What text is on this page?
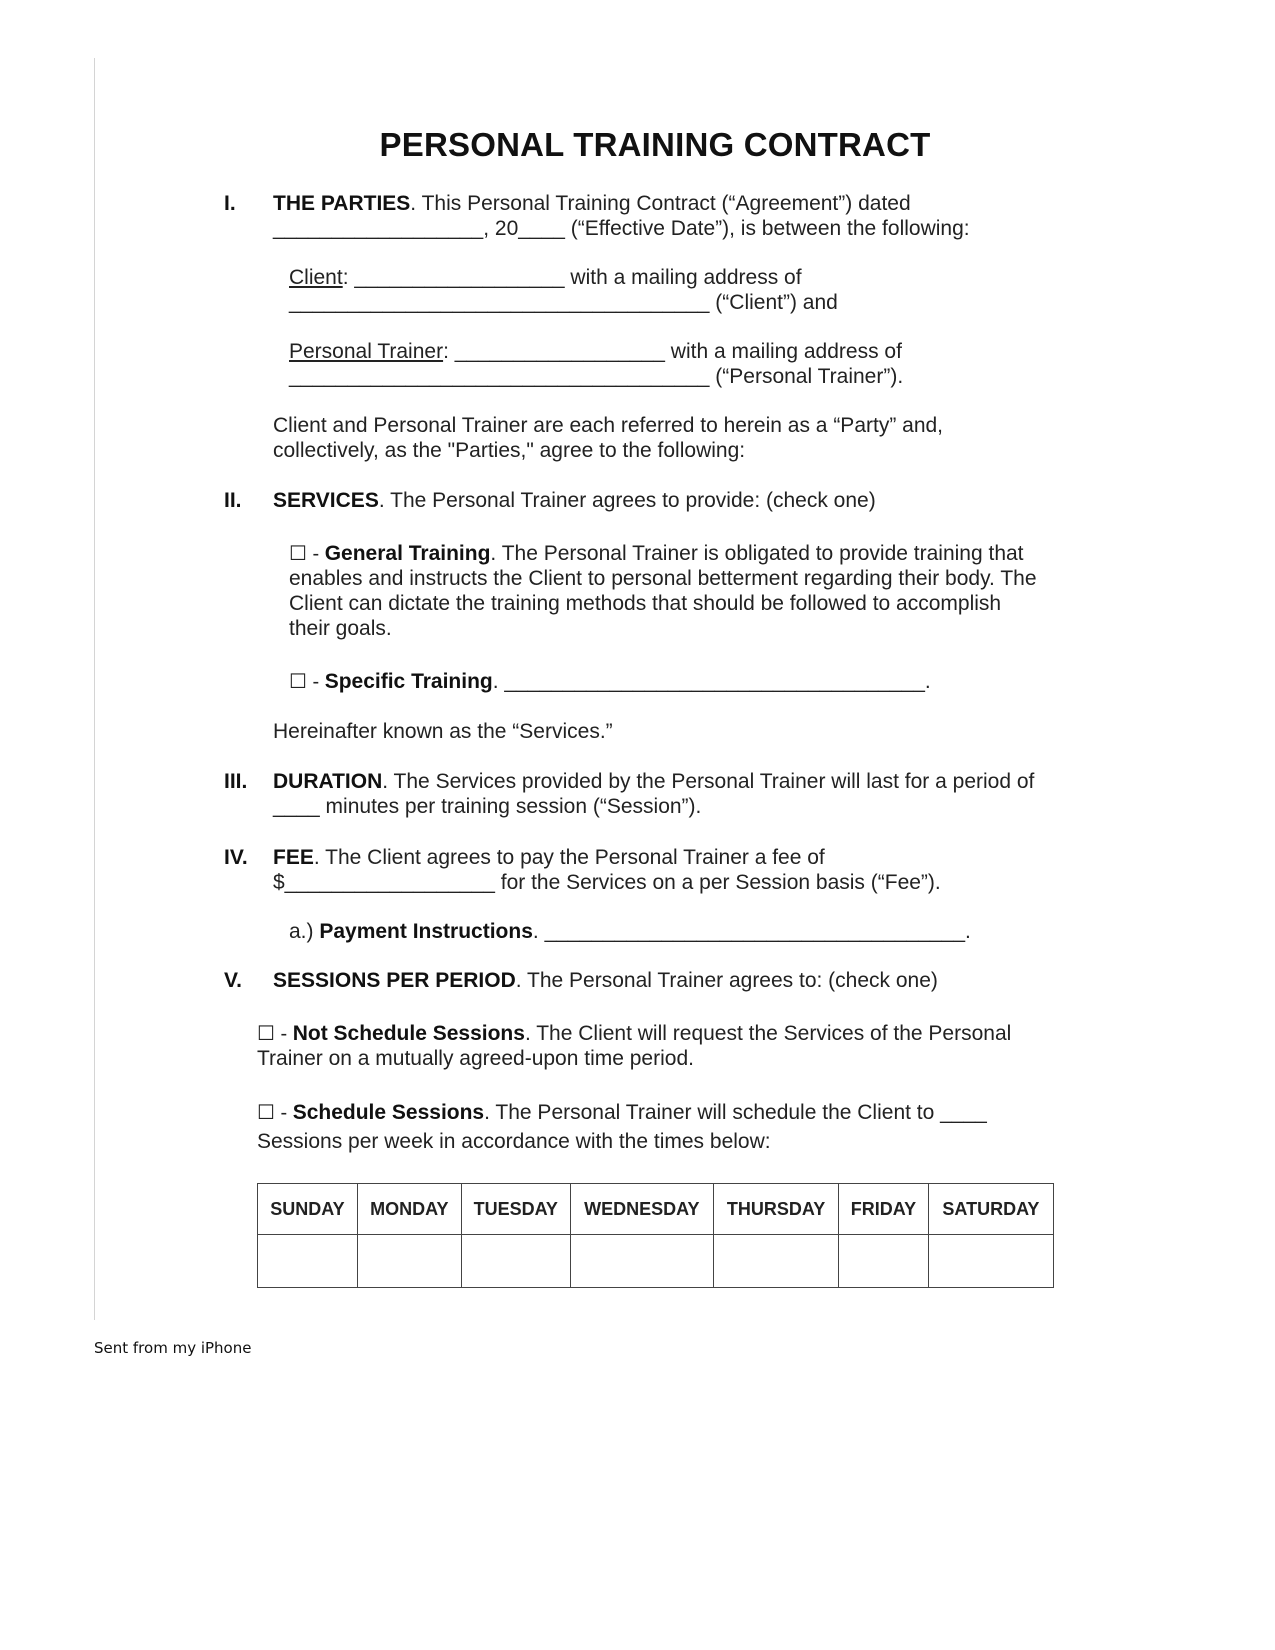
PERSONAL TRAINING CONTRACT
I. THE PARTIES. This Personal Training Contract (“Agreement”) dated
__________________, 20____ (“Effective Date”), is between the following:
Client: __________________ with a mailing address of
____________________________________ (“Client”) and
Personal Trainer: __________________ with a mailing address of
____________________________________ (“Personal Trainer”).
Client and Personal Trainer are each referred to herein as a “Party” and,
collectively, as the "Parties," agree to the following:
II. SERVICES. The Personal Trainer agrees to provide: (check one)
☐ - General Training. The Personal Trainer is obligated to provide training that
enables and instructs the Client to personal betterment regarding their body. The
Client can dictate the training methods that should be followed to accomplish
their goals.
☐ - Specific Training. ____________________________________.
Hereinafter known as the “Services.”
III. DURATION. The Services provided by the Personal Trainer will last for a period of
____ minutes per training session (“Session”).
IV. FEE. The Client agrees to pay the Personal Trainer a fee of
$__________________ for the Services on a per Session basis (“Fee”).
a.) Payment Instructions. ____________________________________.
V. SESSIONS PER PERIOD. The Personal Trainer agrees to: (check one)
☐ - Not Schedule Sessions. The Client will request the Services of the Personal
Trainer on a mutually agreed-upon time period.
☐ - Schedule Sessions. The Personal Trainer will schedule the Client to ____
Sessions per week in accordance with the times below:
SUNDAY	MONDAY	TUESDAY	WEDNESDAY	THURSDAY	FRIDAY	SATURDAY

Sent from my iPhone
